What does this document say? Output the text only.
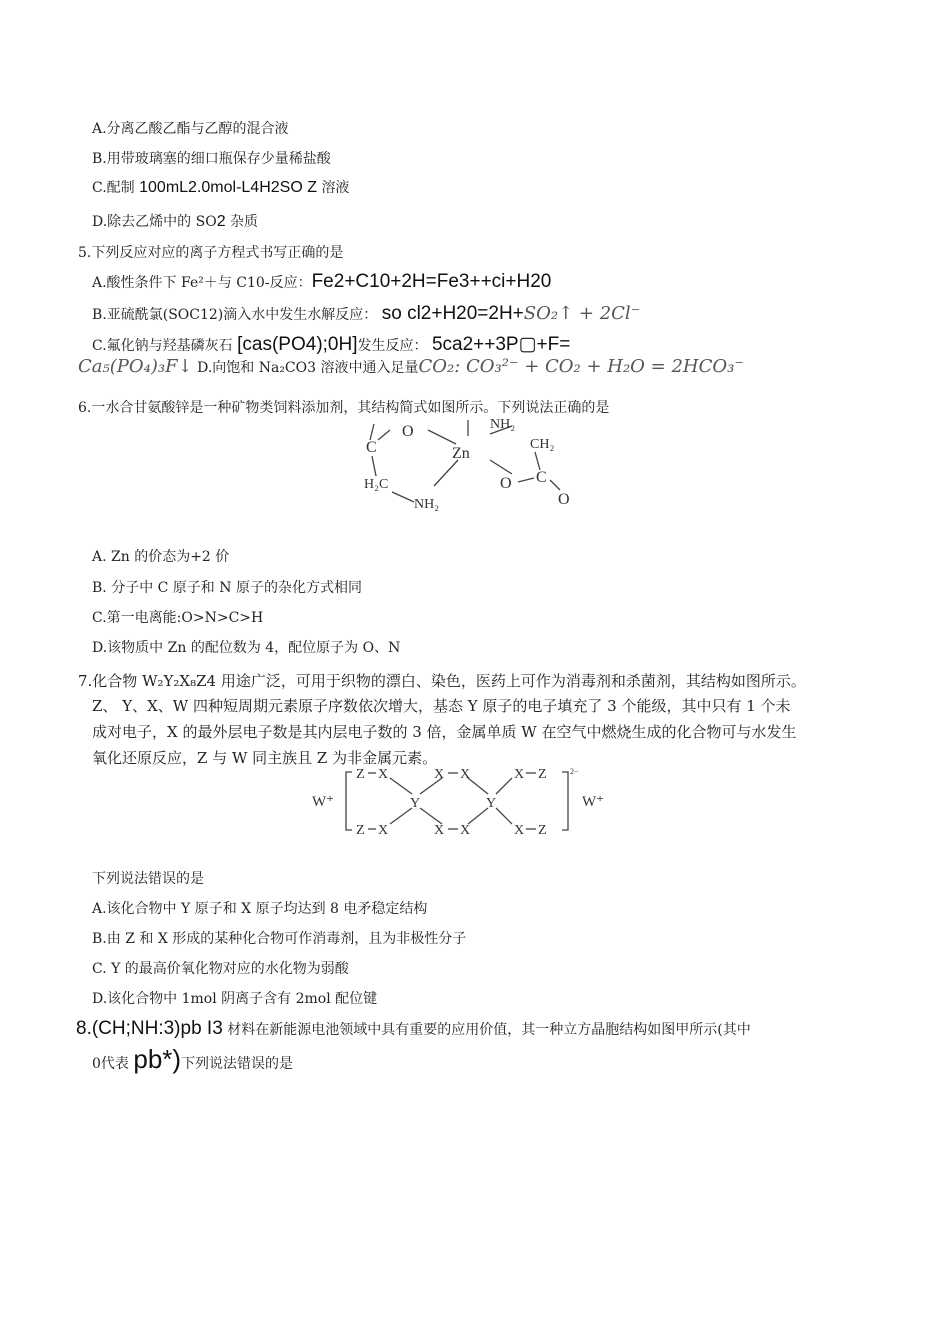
A.分离乙酸乙酯与乙醇的混合液
B.用带玻璃塞的细口瓶保存少量稀盐酸
C.配制 100mL2.0mol-L4H2SO Z 溶液
D.除去乙烯中的 SO2 杂质
5.下列反应对应的离子方程式书写正确的是
A.酸性条件下 Fe²＋与 C10-反应：Fe2+C10+2H=Fe3++ci+H20
B.亚硫酰氯(SOC12)滴入水中发生水解反应： so cl2+H20=2H+SO₂↑ + 2Cl⁻
C.氟化钠与羟基磷灰石 [cas(PO4);0H]发生反应： 5ca2++3P▢+F=
Ca₅(PO₄)₃F↓ D.向饱和 Na₂CO3 溶液中通入足量CO₂: CO₃²⁻ + CO₂ + H₂O = 2HCO₃⁻
6.一水合甘氨酸锌是一种矿物类饲料添加剂，其结构简式如图所示。下列说法正确的是
C
O
Zn
NH₂
CH₂
H₂C
NH₂
O C
O
A. Zn 的价态为+2 价
B. 分子中 C 原子和 N 原子的杂化方式相同
C.第一电离能:O>N>C>H
D.该物质中 Zn 的配位数为 4，配位原子为 O、N
7.化合物 W₂Y₂X₈Z4 用途广泛，可用于织物的漂白、染色，医药上可作为消毒剂和杀菌剂，其结构如图所示。
Z、 Y、X、W 四种短周期元素原子序数依次增大，基态 Y 原子的电子填充了 3 个能级，其中只有 1 个未
成对电子，X 的最外层电子数是其内层电子数的 3 倍，金属单质 W 在空气中燃烧生成的化合物可与水发生
氧化还原反应，Z 与 W 同主族且 Z 为非金属元素。
W⁺	W⁺
Z X	X X	X Z
Y	Y
Z X	X X	X Z
2−
下列说法错误的是
A.该化合物中 Y 原子和 X 原子均达到 8 电矛稳定结构
B.由 Z 和 X 形成的某种化合物可作消毒剂，且为非极性分子
C. Y 的最高价氧化物对应的水化物为弱酸
D.该化合物中 1mol 阴离子含有 2mol 配位键
8.(CH;NH:3)pb I3 材料在新能源电池领域中具有重要的应用价值，其一种立方晶胞结构如图甲所示(其中
0代表 pb*)下列说法错误的是
